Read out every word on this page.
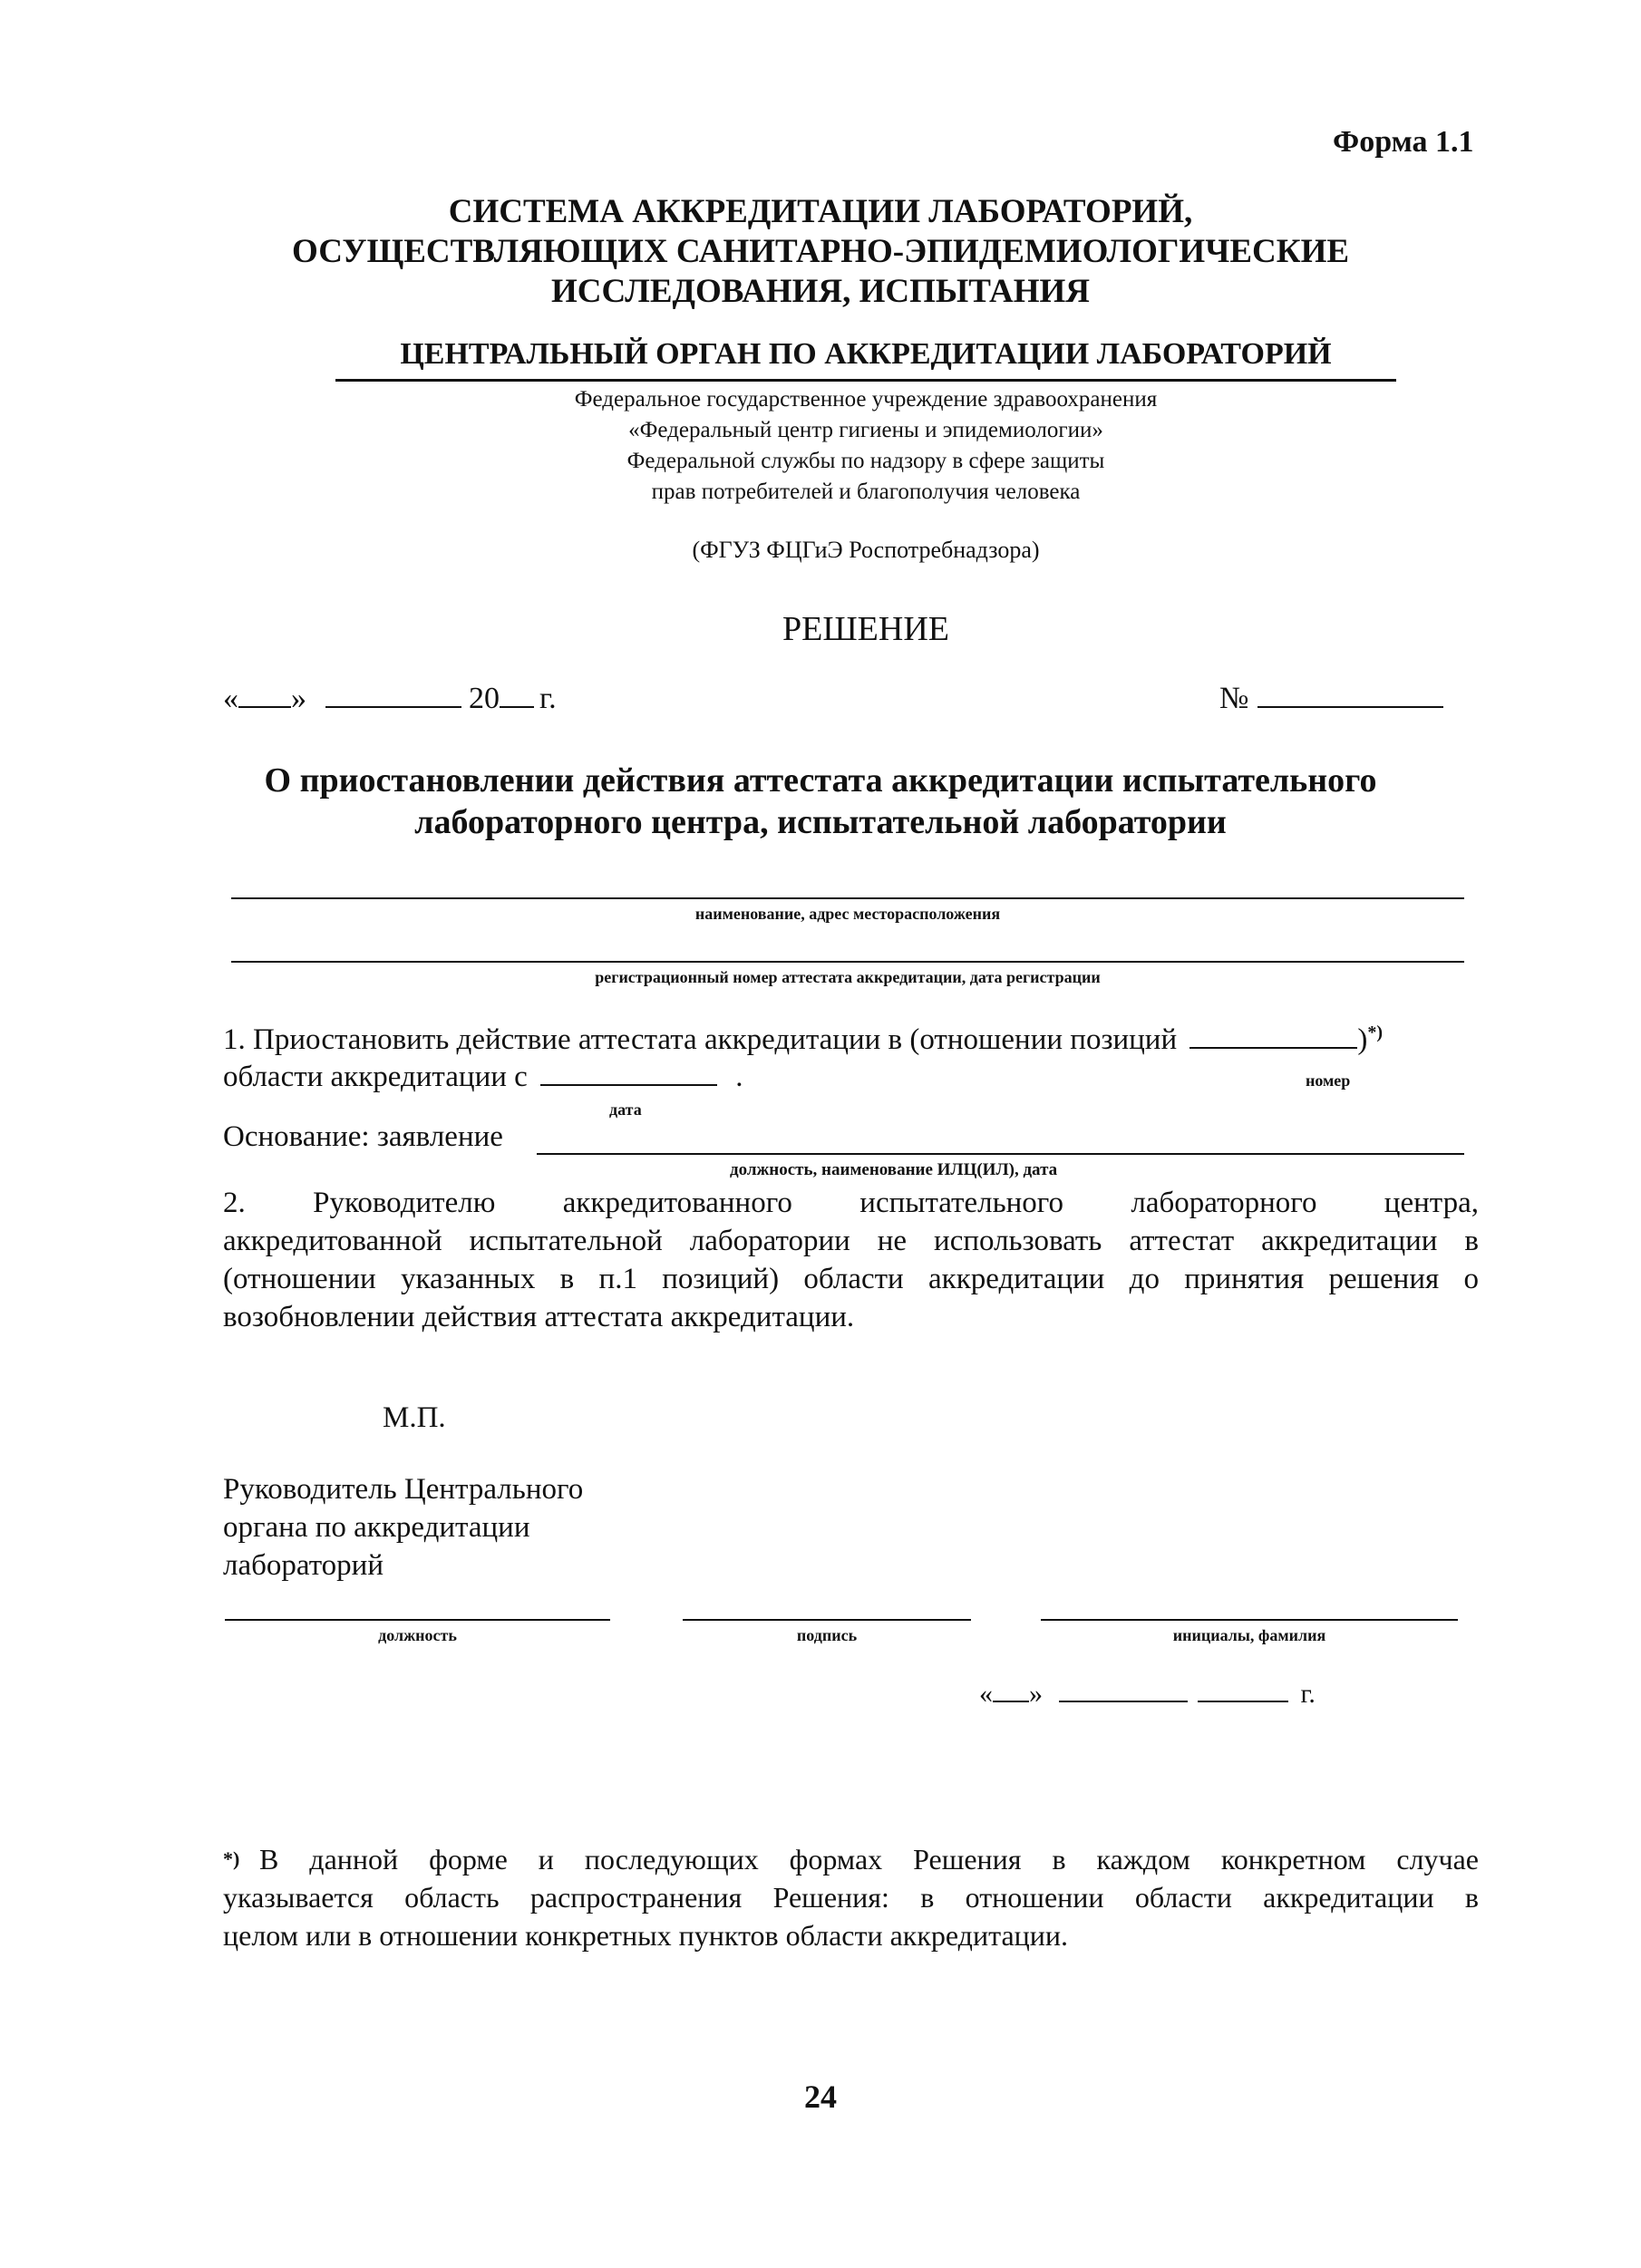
Форма 1.1
СИСТЕМА АККРЕДИТАЦИИ ЛАБОРАТОРИЙ,
ОСУЩЕСТВЛЯЮЩИХ САНИТАРНО-ЭПИДЕМИОЛОГИЧЕСКИЕ
ИССЛЕДОВАНИЯ, ИСПЫТАНИЯ
ЦЕНТРАЛЬНЫЙ ОРГАН ПО АККРЕДИТАЦИИ ЛАБОРАТОРИЙ
Федеральное государственное учреждение здравоохранения
«Федеральный центр гигиены и эпидемиологии»
Федеральной службы по надзору в сфере защиты
прав потребителей и благополучия человека
(ФГУЗ ФЦГиЭ Роспотребнадзора)
РЕШЕНИЕ
« »	20 г.	№
О приостановлении действия аттестата аккредитации испытательного
лабораторного центра, испытательной лаборатории
наименование, адрес месторасположения
регистрационный номер аттестата аккредитации, дата регистрации
1. Приостановить действие аттестата аккредитации в (отношении позиций	)*)
области аккредитации с	.	номер
дата
Основание: заявление
должность, наименование ИЛЦ(ИЛ), дата
2. Руководителю аккредитованного испытательного лабораторного центра,
аккредитованной испытательной лаборатории не использовать аттестат аккредитации в
(отношении указанных в п.1 позиций) области аккредитации до принятия решения о
возобновлении действия аттестата аккредитации.
М.П.
Руководитель Центрального
органа по аккредитации
лабораторий
должность	подпись	инициалы, фамилия
« »	г.
*) В данной форме и последующих формах Решения в каждом конкретном случае
указывается область распространения Решения: в отношении области аккредитации в
целом или в отношении конкретных пунктов области аккредитации.
24
